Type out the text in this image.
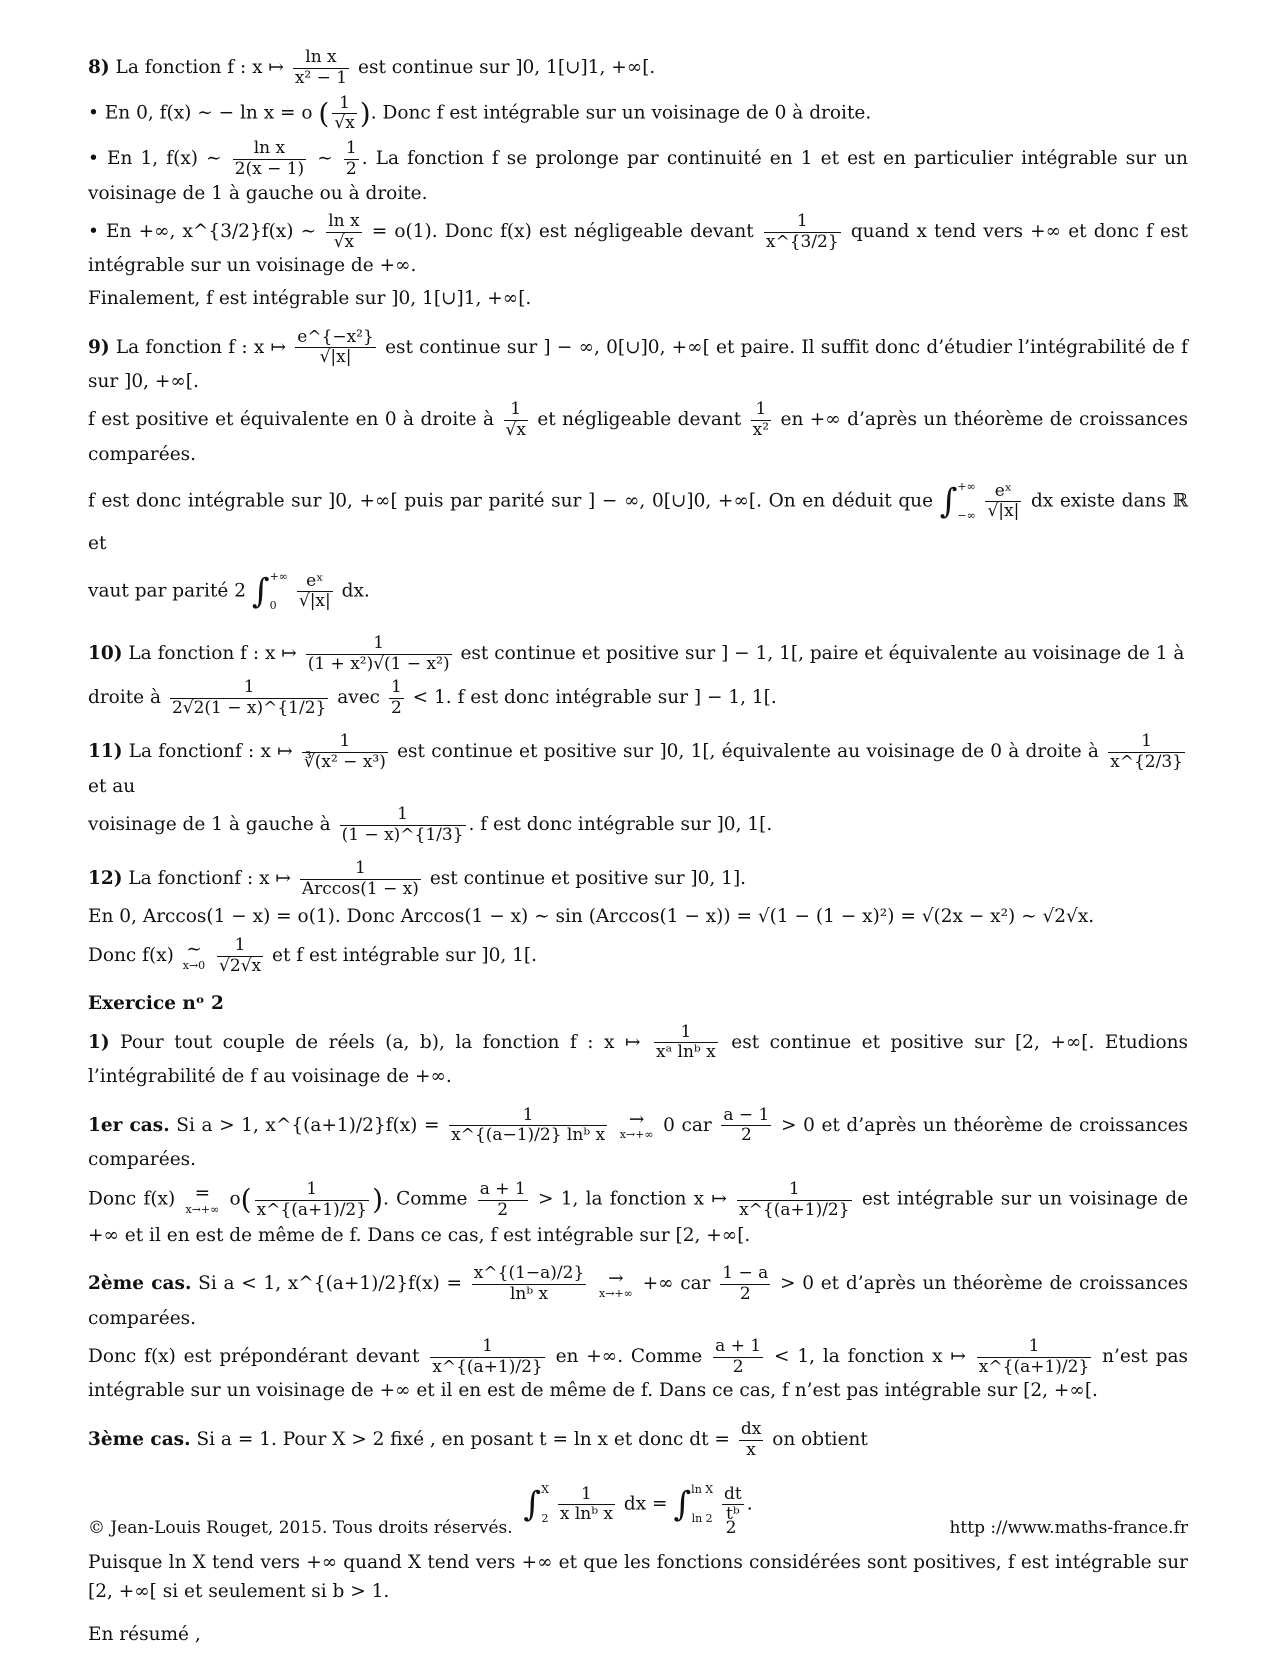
8) La fonction f : x ↦ $\frac{\text{ln x}}{\text{x² − 1}}$ est continue sur ]0, 1[∪]1, +∞[.
• En 0, f(x) ∼ − ln x = o ( $\frac{1}{√x}$ ). Donc f est intégrable sur un voisinage de 0 à droite.
• En 1, f(x) ∼ $\frac{\text{ln x}}{2(x - 1)}$ ∼ $\frac{1}{2}$ . La fonction f se prolonge par continuité en 1 et est en particulier intégrable sur un voisinage de 1 à gauche ou à droite.
• En +∞, x^{3/2}f(x) ∼ $\frac{\text{ln x}}{√x} = o(1)$. Donc f(x) est négligeable devant $\frac{1}{x\^{}\{3/2\}}$ quand x tend vers +∞ et donc f est intégrable sur un voisinage de +∞.
Finalement, f est intégrable sur ]0, 1[∪]1, +∞[.
9) La fonction f : x ↦ $\frac{\text{e\textasciicircum{}\{−x²\}}}{√|x|}$ est continue sur ] − ∞, 0[∪]0, +∞[ et paire. Il suffit donc d’étudier l’intégrabilité de f sur ]0, +∞[.
f est positive et équivalente en 0 à droite à $\frac{1}{√x}$ et négligeable devant $\frac{1}{\text{x²}}$ en +∞ d’après un théorème de croissances comparées.
f est donc intégrable sur ]0, +∞[ puis par parité sur ] − ∞, 0[∪]0, +∞[. On en déduit que ∫ +∞
−∞
$\frac{\text{eˣ}}{√|x|}$ dx existe dans ℝ et
vaut par parité 2 ∫ +∞
0
	$\frac{\text{eˣ}}{√|x|}$ dx.
10) La fonction f : x ↦ $\frac{1}{\text{(1 + x²)√(1 − x²)}}$ est continue et positive sur ] − 1, 1[, paire et équivalente au voisinage de 1 à
droite à $\frac{1}{2√2(1 - x)\^{}\{1/2\}}$ avec $\frac{1}{2} < 1$. f est donc intégrable sur ] − 1, 1[.
11) La fonctionf : x ↦ $\frac{1}{\text{∛(x² − x³)}}$ est continue et positive sur ]0, 1[, équivalente au voisinage de 0 à droite à $\frac{1}{x\^{}\{2/3\}}$
et au
voisinage de 1 à gauche à $\frac{1}{(1 - x)\^{}\{1/3\}}$ . f est donc intégrable sur ]0, 1[.
12) La fonctionf : x ↦ $\frac{1}{\text{Arccos(1 − x)}}$ est continue et positive sur ]0, 1].
En 0, Arccos(1 − x) = o(1). Donc Arccos(1 − x) ∼ sin (Arccos(1 − x)) = √(1 − (1 − x)²) = √(2x − x²) ∼ √2√x.
Donc f(x) ∼
x→0
$\frac{1}{√2√x}$ et f est intégrable sur ]0, 1[.
Exercice nᵒ 2
1) Pour tout couple de réels (a, b), la fonction f : x ↦ $\frac{1}{\text{xᵃ lnᵇ x}}$ est continue et positive sur [2, +∞[. Etudions l’intégrabilité de f au voisinage de +∞.
1er cas. Si a > 1, x^{(a+1)/2}f(x) = $\frac{1}{\text{x\textasciicircum{}\{(a−1)/2\} lnᵇ x}}$
	→
x→+∞ 0 car $\frac{a - 1}{2} > 0$ et d’après un théorème de croissances comparées.
Donc f(x)	=
x→+∞ $o( \frac{1}{x\^{}\{(a+1)/2\}}$ ). Comme $\frac{a + 1}{2} > 1$, la fonction x ↦ $\frac{1}{x\^{}\{(a+1)/2\}}$ est intégrable sur un voisinage de +∞ et il en est de même de f. Dans ce cas, f est intégrable sur [2, +∞[.
2ème cas. Si a < 1, x^{(a+1)/2}f(x) = $\frac{x\^{}\{(1-a)/2\}}{\text{lnᵇ x}}$
	→
x→+∞ +∞ car $\frac{1 - a}{2} > 0$ et d’après un théorème de croissances comparées.
Donc f(x) est prépondérant devant $\frac{1}{x\^{}\{(a+1)/2\}}$ en +∞. Comme $\frac{a + 1}{2} < 1$, la fonction x ↦ $\frac{1}{x\^{}\{(a+1)/2\}}$ n’est pas intégrable sur un voisinage de +∞ et il en est de même de f. Dans ce cas, f n’est pas intégrable sur [2, +∞[.
3ème cas. Si a = 1. Pour X > 2 fixé , en posant t = ln x et donc dt = $\frac{dx}{x}$ on obtient
∫ X
2
$\frac{1}{\text{x lnᵇ x}}$ dx = ∫ ln X
ln 2
$\frac{dt}{\text{tᵇ}}$ .
Puisque ln X tend vers +∞ quand X tend vers +∞ et que les fonctions considérées sont positives, f est intégrable sur [2, +∞[ si et seulement si b > 1.
En résumé ,
© Jean-Louis Rouget, 2015. Tous droits réservés.	2	http ://www.maths-france.fr
